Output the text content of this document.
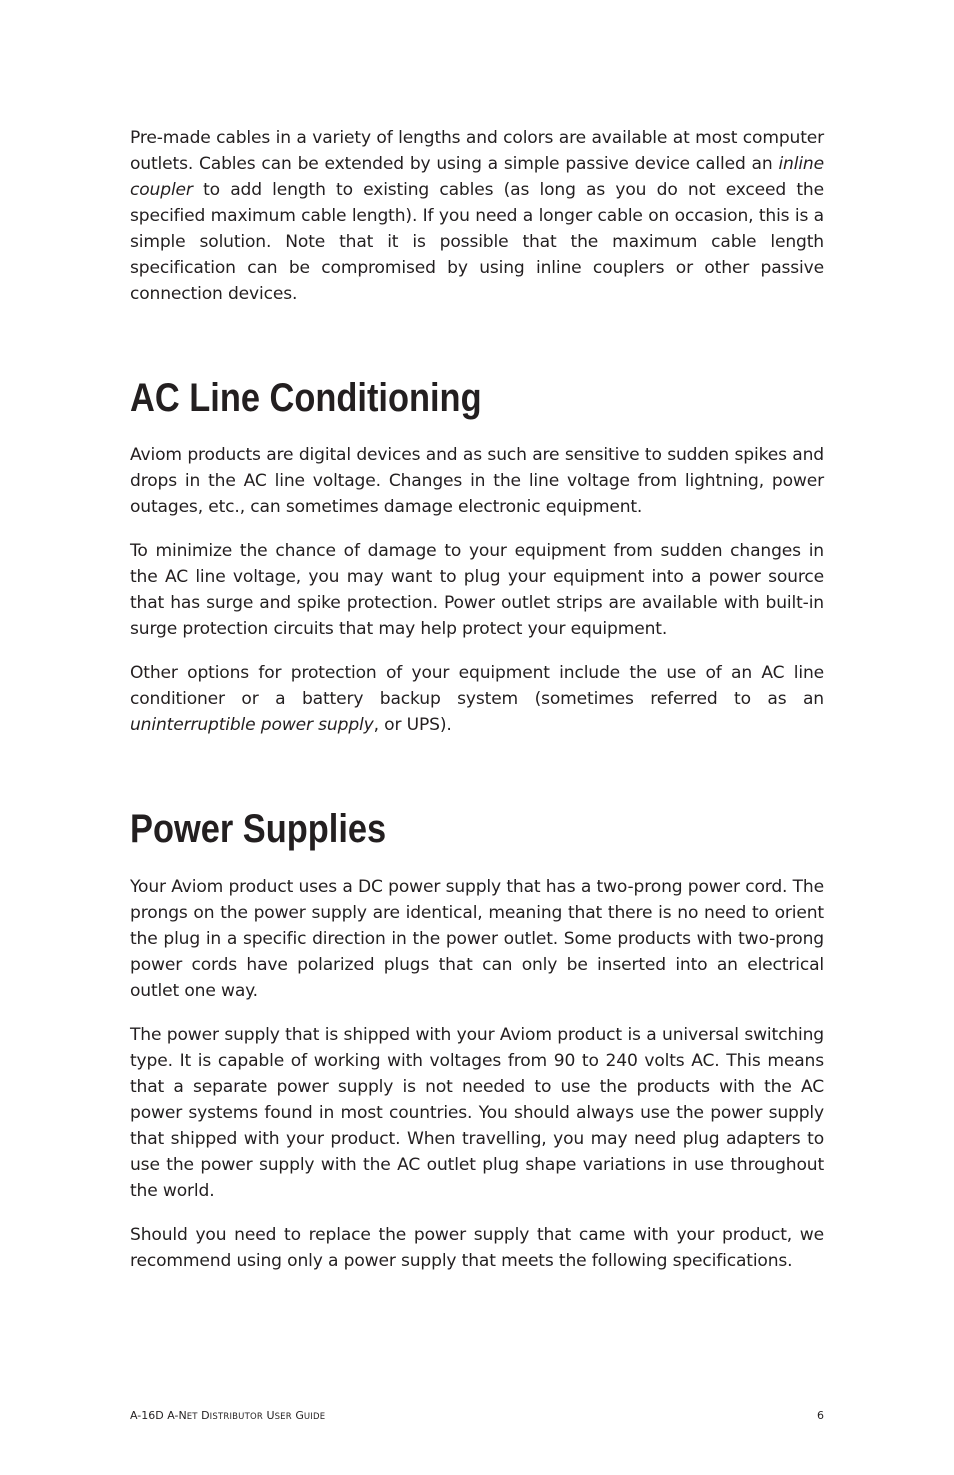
Pre-made cables in a variety of lengths and colors are available at most computer outlets. Cables can be extended by using a simple passive device called an inline coupler to add length to existing cables (as long as you do not exceed the specified maximum cable length). If you need a longer cable on occasion, this is a simple solution. Note that it is possible that the maximum cable length specification can be compromised by using inline couplers or other passive connection devices.

AC Line Conditioning

Aviom products are digital devices and as such are sensitive to sudden spikes and drops in the AC line voltage. Changes in the line voltage from lightning, power outages, etc., can sometimes damage electronic equipment.

To minimize the chance of damage to your equipment from sudden changes in the AC line voltage, you may want to plug your equipment into a power source that has surge and spike protection. Power outlet strips are available with built-in surge protection circuits that may help protect your equipment.

Other options for protection of your equipment include the use of an AC line conditioner or a battery backup system (sometimes referred to as an uninterruptible power supply, or UPS).

Power Supplies

Your Aviom product uses a DC power supply that has a two-prong power cord. The prongs on the power supply are identical, meaning that there is no need to orient the plug in a specific direction in the power outlet. Some products with two-prong power cords have polarized plugs that can only be inserted into an electrical outlet one way.

The power supply that is shipped with your Aviom product is a universal switching type. It is capable of working with voltages from 90 to 240 volts AC. This means that a separate power supply is not needed to use the products with the AC power systems found in most countries. You should always use the power supply that shipped with your product. When travelling, you may need plug adapters to use the power supply with the AC outlet plug shape variations in use throughout the world.

Should you need to replace the power supply that came with your product, we recommend using only a power supply that meets the following specifications.

A-16D A-NET DISTRIBUTOR USER GUIDE	6
